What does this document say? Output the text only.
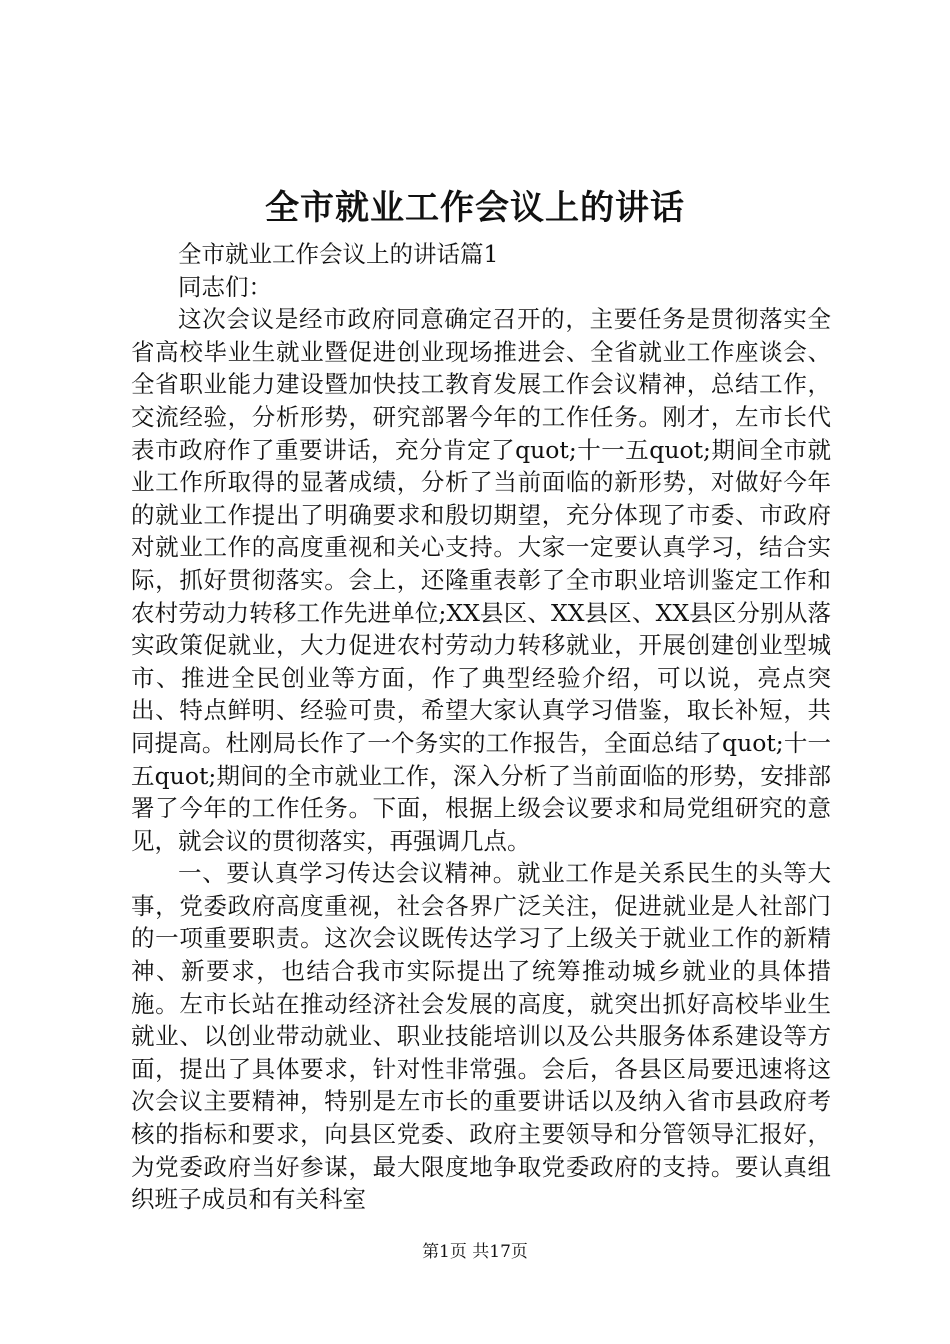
全市就业工作会议上的讲话

全市就业工作会议上的讲话篇1

同志们：

这次会议是经市政府同意确定召开的，主要任务是贯彻落实全省高校毕业生就业暨促进创业现场推进会、全省就业工作座谈会、全省职业能力建设暨加快技工教育发展工作会议精神，总结工作，交流经验，分析形势，研究部署今年的工作任务。刚才，左市长代表市政府作了重要讲话，充分肯定了quot;十一五quot;期间全市就业工作所取得的显著成绩，分析了当前面临的新形势，对做好今年的就业工作提出了明确要求和殷切期望，充分体现了市委、市政府对就业工作的高度重视和关心支持。大家一定要认真学习，结合实际，抓好贯彻落实。会上，还隆重表彰了全市职业培训鉴定工作和农村劳动力转移工作先进单位;XX县区、XX县区、XX县区分别从落实政策促就业，大力促进农村劳动力转移就业，开展创建创业型城市、推进全民创业等方面，作了典型经验介绍，可以说，亮点突出、特点鲜明、经验可贵，希望大家认真学习借鉴，取长补短，共同提高。杜刚局长作了一个务实的工作报告，全面总结了quot;十一五quot;期间的全市就业工作，深入分析了当前面临的形势，安排部署了今年的工作任务。下面，根据上级会议要求和局党组研究的意见，就会议的贯彻落实，再强调几点。

一、要认真学习传达会议精神。就业工作是关系民生的头等大事，党委政府高度重视，社会各界广泛关注，促进就业是人社部门的一项重要职责。这次会议既传达学习了上级关于就业工作的新精神、新要求，也结合我市实际提出了统筹推动城乡就业的具体措施。左市长站在推动经济社会发展的高度，就突出抓好高校毕业生就业、以创业带动就业、职业技能培训以及公共服务体系建设等方面，提出了具体要求，针对性非常强。会后，各县区局要迅速将这次会议主要精神，特别是左市长的重要讲话以及纳入省市县政府考核的指标和要求，向县区党委、政府主要领导和分管领导汇报好，为党委政府当好参谋，最大限度地争取党委政府的支持。要认真组织班子成员和有关科室

第1页 共17页
